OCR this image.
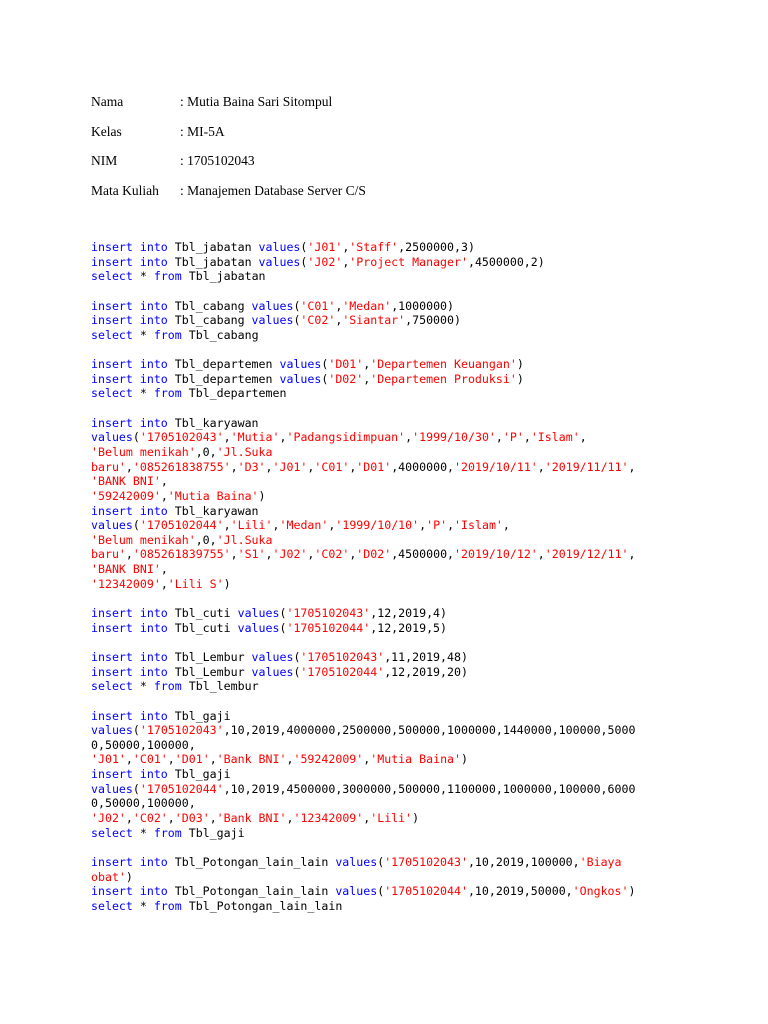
Nama	: Mutia Baina Sari Sitompul
Kelas	: MI-5A
NIM	: 1705102043
Mata Kuliah : Manajemen Database Server C/S
insert into Tbl_jabatan values('J01','Staff',2500000,3)
insert into Tbl_jabatan values('J02','Project Manager',4500000,2)
select * from Tbl_jabatan
insert into Tbl_cabang values('C01','Medan',1000000)
insert into Tbl_cabang values('C02','Siantar',750000)
select * from Tbl_cabang
insert into Tbl_departemen values('D01','Departemen Keuangan')
insert into Tbl_departemen values('D02','Departemen Produksi')
select * from Tbl_departemen
insert into Tbl_karyawan
values('1705102043','Mutia','Padangsidimpuan','1999/10/30','P','Islam',
'Belum menikah',0,'Jl.Suka
baru','085261838755','D3','J01','C01','D01',4000000,'2019/10/11','2019/11/11',
'BANK BNI',
'59242009','Mutia Baina')
insert into Tbl_karyawan
values('1705102044','Lili','Medan','1999/10/10','P','Islam',
'Belum menikah',0,'Jl.Suka
baru','085261839755','S1','J02','C02','D02',4500000,'2019/10/12','2019/12/11',
'BANK BNI',
'12342009','Lili S')
insert into Tbl_cuti values('1705102043',12,2019,4)
insert into Tbl_cuti values('1705102044',12,2019,5)
insert into Tbl_Lembur values('1705102043',11,2019,48)
insert into Tbl_Lembur values('1705102044',12,2019,20)
select * from Tbl_lembur
insert into Tbl_gaji
values('1705102043',10,2019,4000000,2500000,500000,1000000,1440000,100000,5000
0,50000,100000,
'J01','C01','D01','Bank BNI','59242009','Mutia Baina')
insert into Tbl_gaji
values('1705102044',10,2019,4500000,3000000,500000,1100000,1000000,100000,6000
0,50000,100000,
'J02','C02','D03','Bank BNI','12342009','Lili')
select * from Tbl_gaji
insert into Tbl_Potongan_lain_lain values('1705102043',10,2019,100000,'Biaya
obat')
insert into Tbl_Potongan_lain_lain values('1705102044',10,2019,50000,'Ongkos')
select * from Tbl_Potongan_lain_lain
